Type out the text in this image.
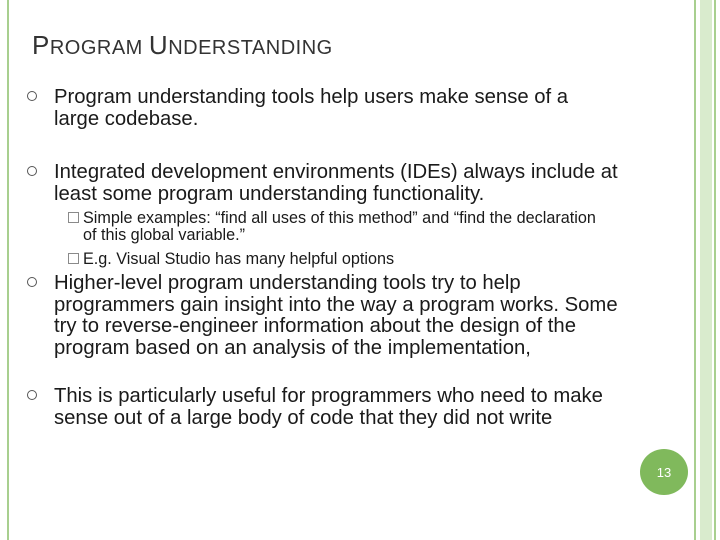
PROGRAM UNDERSTANDING
Program understanding tools help users make sense of a large codebase.
Integrated development environments (IDEs) always include at least some program understanding functionality.
Simple examples: “find all uses of this method” and “find the declaration of this global variable.”
E.g. Visual Studio has many helpful options
Higher-level program understanding tools try to help programmers gain insight into the way a program works. Some try to reverse-engineer information about the design of the program based on an analysis of the implementation,
This is particularly useful for programmers who need to make sense out of a large body of code that they did not write
13
